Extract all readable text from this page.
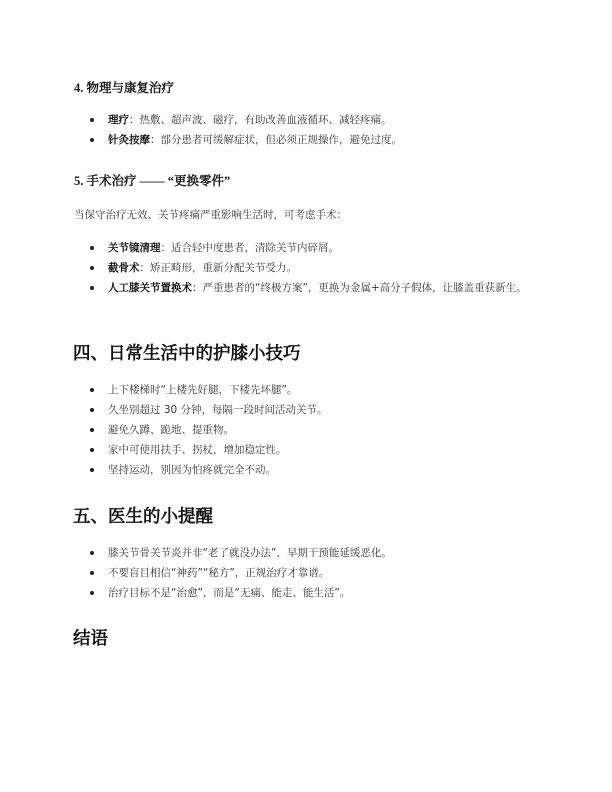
4. 物理与康复治疗
理疗：热敷、超声波、磁疗，有助改善血液循环、减轻疼痛。
针灸按摩：部分患者可缓解症状，但必须正规操作，避免过度。
5. 手术治疗 —— “更换零件”

当保守治疗无效、关节疼痛严重影响生活时，可考虑手术：

关节镜清理：适合轻中度患者，清除关节内碎屑。
截骨术：矫正畸形，重新分配关节受力。
人工膝关节置换术：严重患者的“终极方案”，更换为金属+高分子假体，让膝盖重获新生。
四、日常生活中的护膝小技巧
上下楼梯时“上楼先好腿，下楼先坏腿”。
久坐别超过 30 分钟，每隔一段时间活动关节。
避免久蹲、跪地、提重物。
家中可使用扶手、拐杖，增加稳定性。
坚持运动，别因为怕疼就完全不动。
五、医生的小提醒
膝关节骨关节炎并非“老了就没办法”，早期干预能延缓恶化。
不要盲目相信“神药”“秘方”，正规治疗才靠谱。
治疗目标不是“治愈”，而是“无痛、能走、能生活”。
结语
